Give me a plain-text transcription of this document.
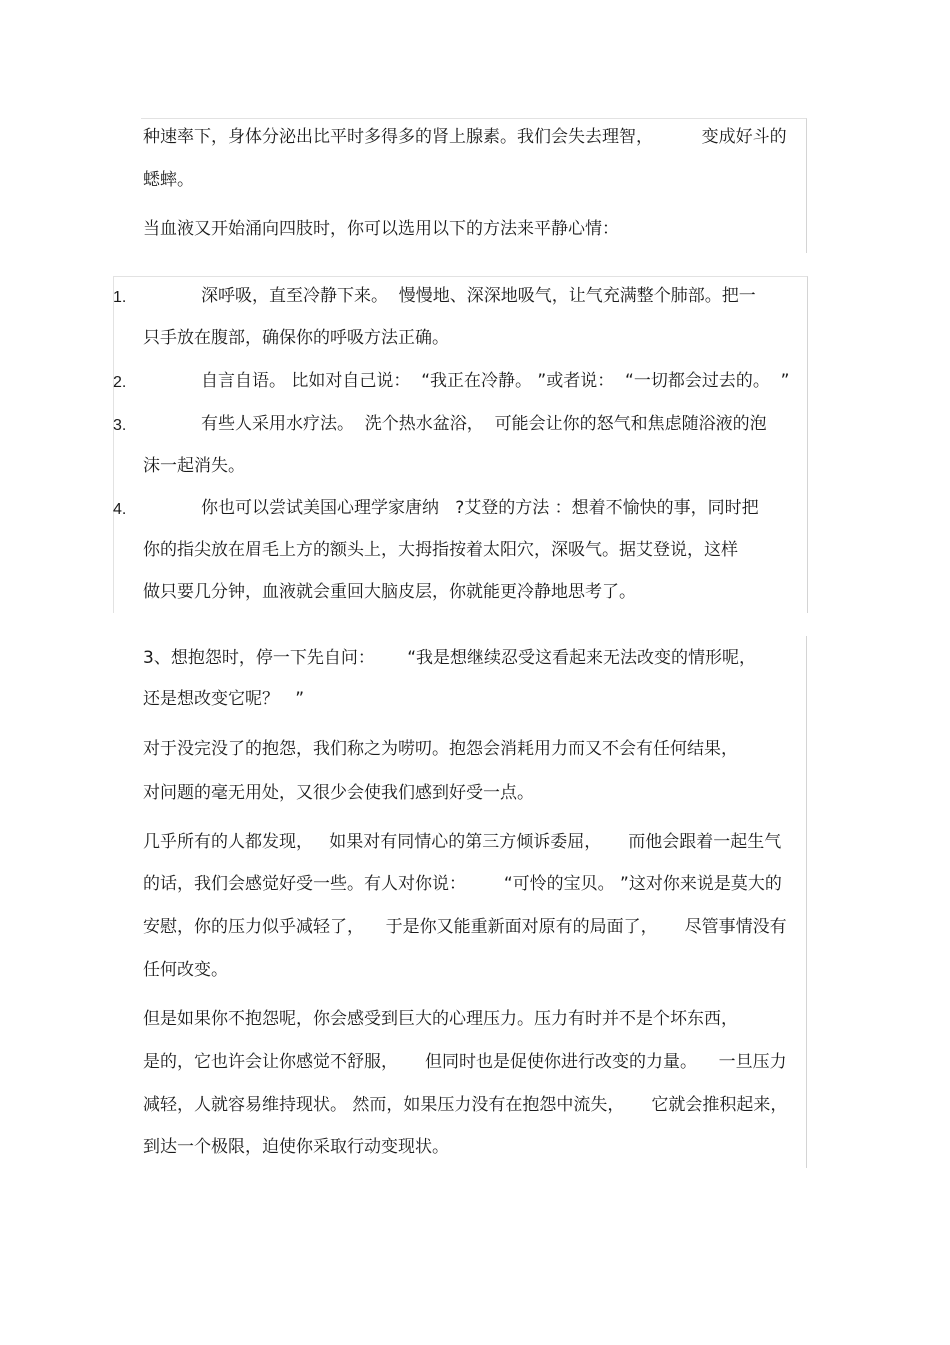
种速率下，身体分泌出比平时多得多的肾上腺素。我们会失去理智，         变成好斗的
蟋蟀。
当血液又开始涌向四肢时，你可以选用以下的方法来平静心情：
1.	深呼吸，直至冷静下来。  慢慢地、深深地吸气，让气充满整个肺部。把一
只手放在腹部，确保你的呼吸方法正确。
2.	自言自语。 比如对自己说：  “我正在冷静。 ”或者说：  “一切都会过去的。  ”
3.	有些人采用水疗法。  洗个热水盆浴，  可能会让你的怒气和焦虑随浴液的泡
沫一起消失。
4.	你也可以尝试美国心理学家唐纳   ?艾登的方法 ：想着不愉快的事，同时把
你的指尖放在眉毛上方的额头上，大拇指按着太阳穴，深吸气。据艾登说，这样
做只要几分钟，血液就会重回大脑皮层，你就能更冷静地思考了。
3、想抱怨时，停一下先自问：      “我是想继续忍受这看起来无法改变的情形呢，
还是想改变它呢？   ”
对于没完没了的抱怨，我们称之为唠叨。抱怨会消耗用力而又不会有任何结果，
对问题的毫无用处，又很少会使我们感到好受一点。
几乎所有的人都发现，   如果对有同情心的第三方倾诉委屈，     而他会跟着一起生气
的话，我们会感觉好受一些。有人对你说：       “可怜的宝贝。 ”这对你来说是莫大的
安慰，你的压力似乎减轻了，    于是你又能重新面对原有的局面了，     尽管事情没有
任何改变。
但是如果你不抱怨呢，你会感受到巨大的心理压力。压力有时并不是个坏东西，
是的，它也许会让你感觉不舒服，     但同时也是促使你进行改变的力量。    一旦压力
减轻，人就容易维持现状。 然而，如果压力没有在抱怨中流失，     它就会推积起来，
到达一个极限，迫使你采取行动变现状。
